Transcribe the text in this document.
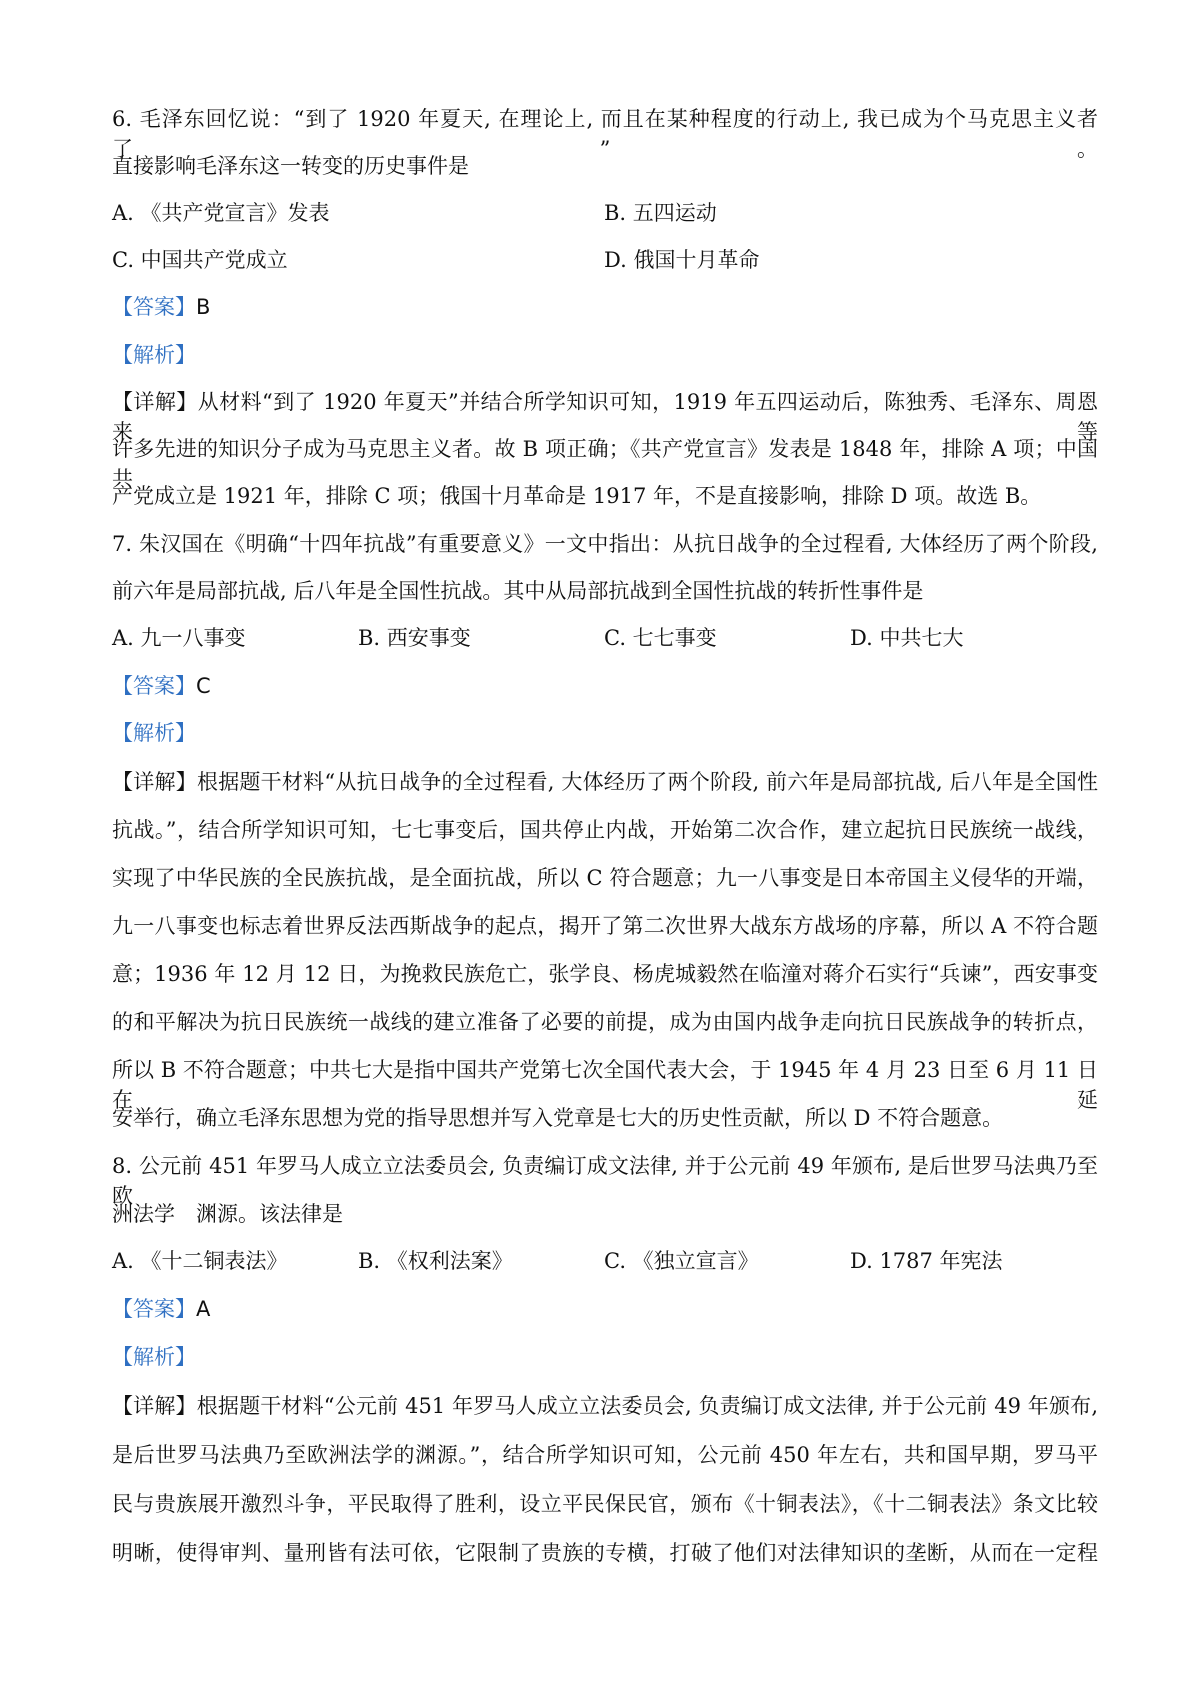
6. 毛泽东回忆说：“到了 1920 年夏天, 在理论上, 而且在某种程度的行动上, 我已成为个马克思主义者了”。
直接影响毛泽东这一转变的历史事件是
A. 《共产党宣言》发表	B. 五四运动
C. 中国共产党成立	D. 俄国十月革命
【答案】B
【解析】
【详解】从材料“到了 1920 年夏天”并结合所学知识可知，1919 年五四运动后，陈独秀、毛泽东、周恩来等
许多先进的知识分子成为马克思主义者。故 B 项正确；《共产党宣言》发表是 1848 年，排除 A 项；中国共
产党成立是 1921 年，排除 C 项；俄国十月革命是 1917 年，不是直接影响，排除 D 项。故选 B。
7. 朱汉国在《明确“十四年抗战”有重要意义》一文中指出：从抗日战争的全过程看, 大体经历了两个阶段,
前六年是局部抗战, 后八年是全国性抗战。其中从局部抗战到全国性抗战的转折性事件是
A. 九一八事变	B. 西安事变	C. 七七事变	D. 中共七大
【答案】C
【解析】
【详解】根据题干材料“从抗日战争的全过程看, 大体经历了两个阶段, 前六年是局部抗战, 后八年是全国性
抗战。”，结合所学知识可知，七七事变后，国共停止内战，开始第二次合作，建立起抗日民族统一战线，
实现了中华民族的全民族抗战，是全面抗战，所以 C 符合题意；九一八事变是日本帝国主义侵华的开端，
九一八事变也标志着世界反法西斯战争的起点，揭开了第二次世界大战东方战场的序幕，所以 A 不符合题
意；1936 年 12 月 12 日，为挽救民族危亡，张学良、杨虎城毅然在临潼对蒋介石实行“兵谏”，西安事变
的和平解决为抗日民族统一战线的建立准备了必要的前提，成为由国内战争走向抗日民族战争的转折点，
所以 B 不符合题意；中共七大是指中国共产党第七次全国代表大会，于 1945 年 4 月 23 日至 6 月 11 日在延
安举行，确立毛泽东思想为党的指导思想并写入党章是七大的历史性贡献，所以 D 不符合题意。
8. 公元前 451 年罗马人成立立法委员会, 负责编订成文法律, 并于公元前 49 年颁布, 是后世罗马法典乃至欧
洲法学　渊源。该法律是
A. 《十二铜表法》	B. 《权利法案》	C. 《独立宣言》	D. 1787 年宪法
【答案】A
【解析】
【详解】根据题干材料“公元前 451 年罗马人成立立法委员会, 负责编订成文法律, 并于公元前 49 年颁布,
是后世罗马法典乃至欧洲法学的渊源。”，结合所学知识可知，公元前 450 年左右，共和国早期，罗马平
民与贵族展开激烈斗争，平民取得了胜利，设立平民保民官，颁布《十铜表法》，《十二铜表法》条文比较
明晰，使得审判、量刑皆有法可依，它限制了贵族的专横，打破了他们对法律知识的垄断，从而在一定程
